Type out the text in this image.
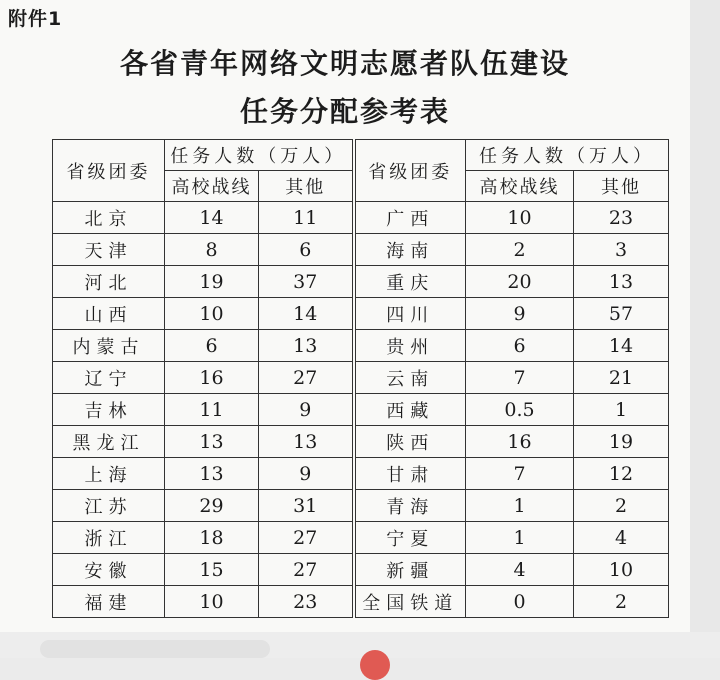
附件1
各省青年网络文明志愿者队伍建设
任务分配参考表
省级团委	任务人数（万人）		省级团委	任务人数（万人）	
	高校战线	其他		高校战线	其他
北京	14	11	广西	10	23
天津	8	6	海南	2	3
河北	19	37	重庆	20	13
山西	10	14	四川	9	57
内蒙古	6	13	贵州	6	14
辽宁	16	27	云南	7	21
吉林	11	9	西藏	0.5	1
黑龙江	13	13	陕西	16	19
上海	13	9	甘肃	7	12
江苏	29	31	青海	1	2
浙江	18	27	宁夏	1	4
安徽	15	27	新疆	4	10
福建	10	23	全国铁道	0	2
